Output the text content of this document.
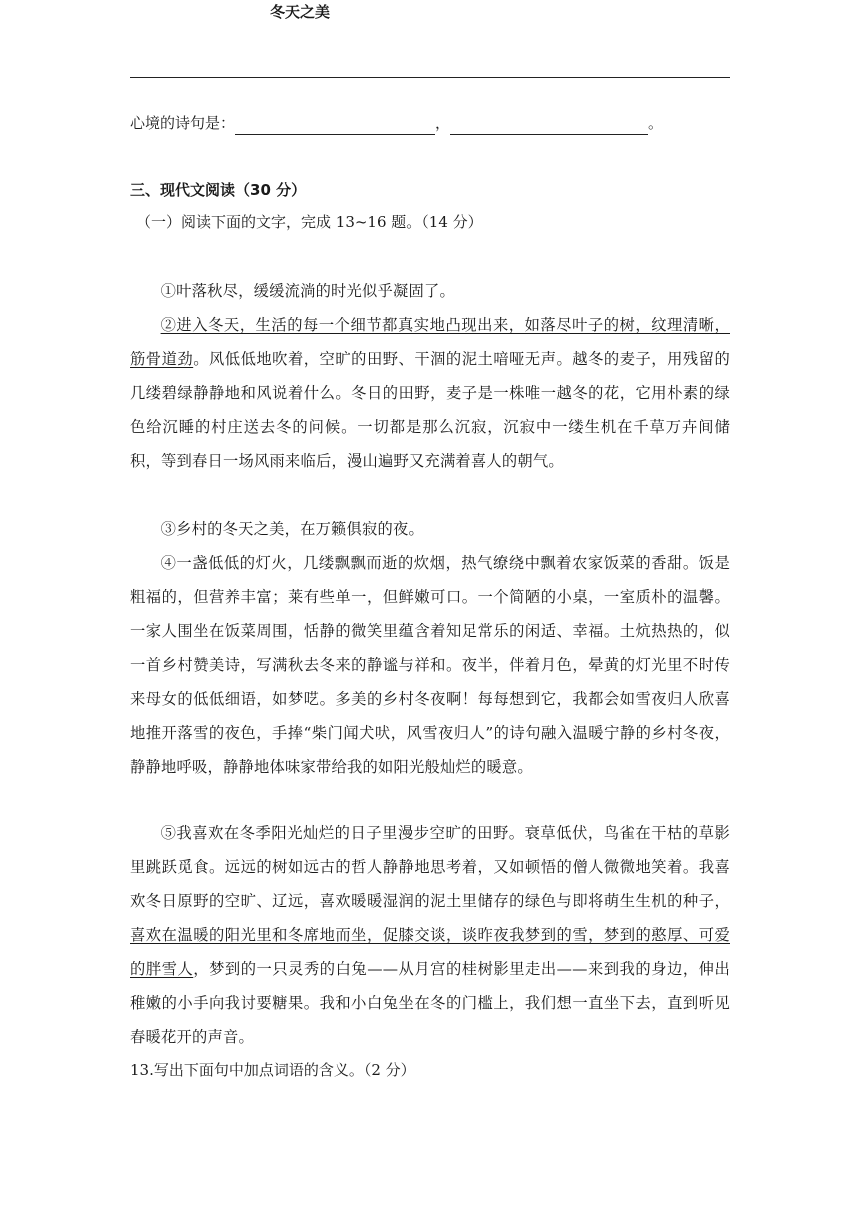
心境的诗句是：	，	。
三、现代文阅读（30 分）
（一）阅读下面的文字，完成 13~16 题。（14 分）
冬天之美
①叶落秋尽，缓缓流淌的时光似乎凝固了。
②进入冬天，生活的每一个细节都真实地凸现出来，如落尽叶子的树，纹理清晰，筋骨道劲。风低低地吹着，空旷的田野、干涸的泥土喑哑无声。越冬的麦子，用残留的几缕碧绿静静地和风说着什么。冬日的田野，麦子是一株唯一越冬的花，它用朴素的绿色给沉睡的村庄送去冬的问候。一切都是那么沉寂，沉寂中一缕生机在千草万卉间储积，等到春日一场风雨来临后，漫山遍野又充满着喜人的朝气。
③乡村的冬天之美，在万籁俱寂的夜。
④一盏低低的灯火，几缕飘飘而逝的炊烟，热气缭绕中飘着农家饭菜的香甜。饭是粗福的，但营养丰富；莱有些单一，但鲜嫩可口。一个简陋的小桌，一室质朴的温馨。一家人围坐在饭菜周围，恬静的微笑里蕴含着知足常乐的闲适、幸福。土炕热热的，似一首乡村赞美诗，写满秋去冬来的静谧与祥和。夜半，伴着月色，晕黄的灯光里不时传来母女的低低细语，如梦呓。多美的乡村冬夜啊！每每想到它，我都会如雪夜归人欣喜地推开落雪的夜色，手捧“柴门闻犬吠，风雪夜归人”的诗句融入温暖宁静的乡村冬夜，静静地呼吸，静静地体味家带给我的如阳光般灿烂的暖意。
⑤我喜欢在冬季阳光灿烂的日子里漫步空旷的田野。衰草低伏，鸟雀在干枯的草影里跳跃觅食。远远的树如远古的哲人静静地思考着，又如顿悟的僧人微微地笑着。我喜欢冬日原野的空旷、辽远，喜欢暖暖湿润的泥土里储存的绿色与即将萌生生机的种子，喜欢在温暖的阳光里和冬席地而坐，促膝交谈，谈昨夜我梦到的雪，梦到的憨厚、可爱的胖雪人，梦到的一只灵秀的白兔——从月宫的桂树影里走出——来到我的身边，伸出稚嫩的小手向我讨要糖果。我和小白兔坐在冬的门槛上，我们想一直坐下去，直到听见春暖花开的声音。
13.写出下面句中加点词语的含义。（2 分）
